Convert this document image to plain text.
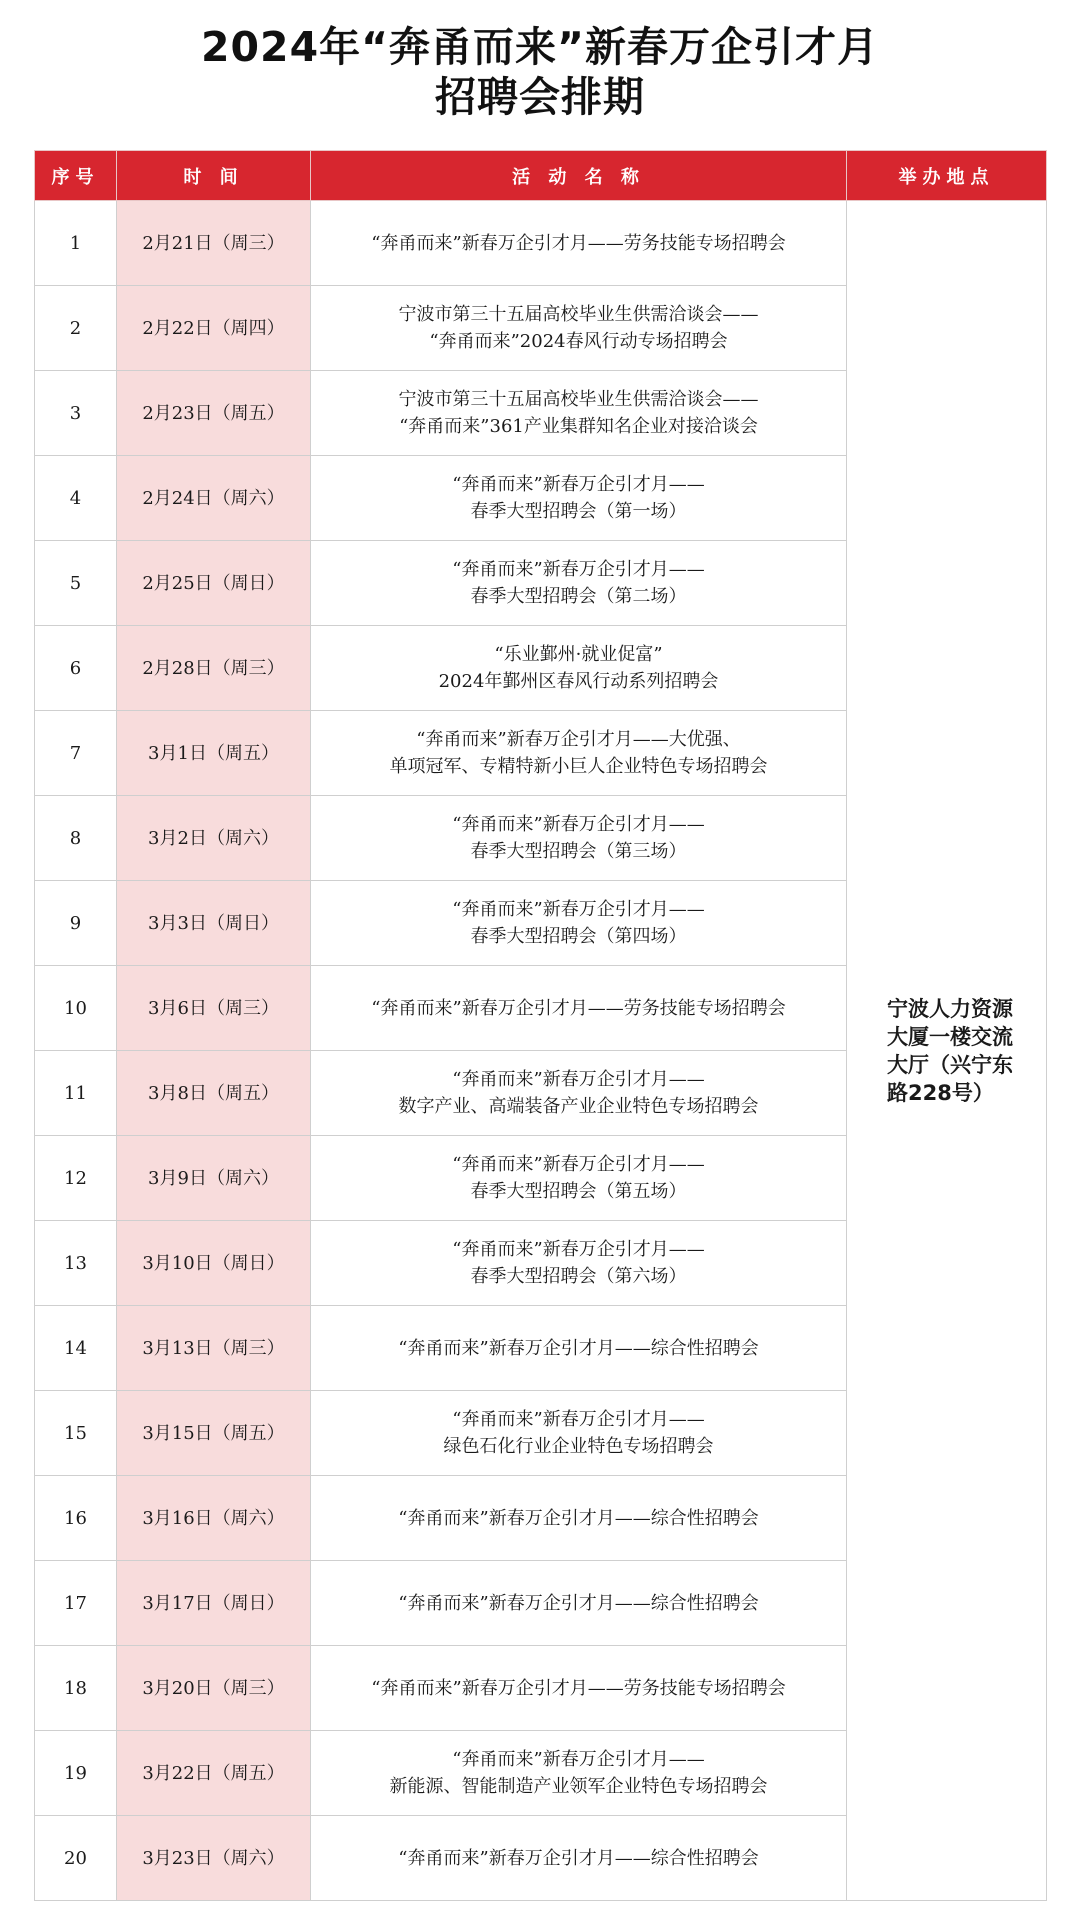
2024年“奔甬而来”新春万企引才月
招聘会排期
序号	时 间	活 动 名 称	举办地点
1	2月21日（周三）	“奔甬而来”新春万企引才月——劳务技能专场招聘会	宁波人力资源大厦一楼交流大厅（兴宁东路228号）
2	2月22日（周四）	宁波市第三十五届高校毕业生供需洽谈会——
“奔甬而来”2024春风行动专场招聘会	

3	2月23日（周五）	宁波市第三十五届高校毕业生供需洽谈会——
“奔甬而来”361产业集群知名企业对接洽谈会	

4	2月24日（周六）	“奔甬而来”新春万企引才月——
春季大型招聘会（第一场）	

5	2月25日（周日）	“奔甬而来”新春万企引才月——
春季大型招聘会（第二场）	

6	2月28日（周三）	“乐业鄞州·就业促富”
2024年鄞州区春风行动系列招聘会	

7	3月1日（周五）	“奔甬而来”新春万企引才月——大优强、
单项冠军、专精特新小巨人企业特色专场招聘会	

8	3月2日（周六）	“奔甬而来”新春万企引才月——
春季大型招聘会（第三场）	

9	3月3日（周日）	“奔甬而来”新春万企引才月——
春季大型招聘会（第四场）	

10	3月6日（周三）	“奔甬而来”新春万企引才月——劳务技能专场招聘会	

11	3月8日（周五）	“奔甬而来”新春万企引才月——
数字产业、高端装备产业企业特色专场招聘会	

12	3月9日（周六）	“奔甬而来”新春万企引才月——
春季大型招聘会（第五场）	

13	3月10日（周日）	“奔甬而来”新春万企引才月——
春季大型招聘会（第六场）	

14	3月13日（周三）	“奔甬而来”新春万企引才月——综合性招聘会	

15	3月15日（周五）	“奔甬而来”新春万企引才月——
绿色石化行业企业特色专场招聘会	

16	3月16日（周六）	“奔甬而来”新春万企引才月——综合性招聘会	

17	3月17日（周日）	“奔甬而来”新春万企引才月——综合性招聘会	

18	3月20日（周三）	“奔甬而来”新春万企引才月——劳务技能专场招聘会	

19	3月22日（周五）	“奔甬而来”新春万企引才月——
新能源、智能制造产业领军企业特色专场招聘会	

20	3月23日（周六）	“奔甬而来”新春万企引才月——综合性招聘会	
